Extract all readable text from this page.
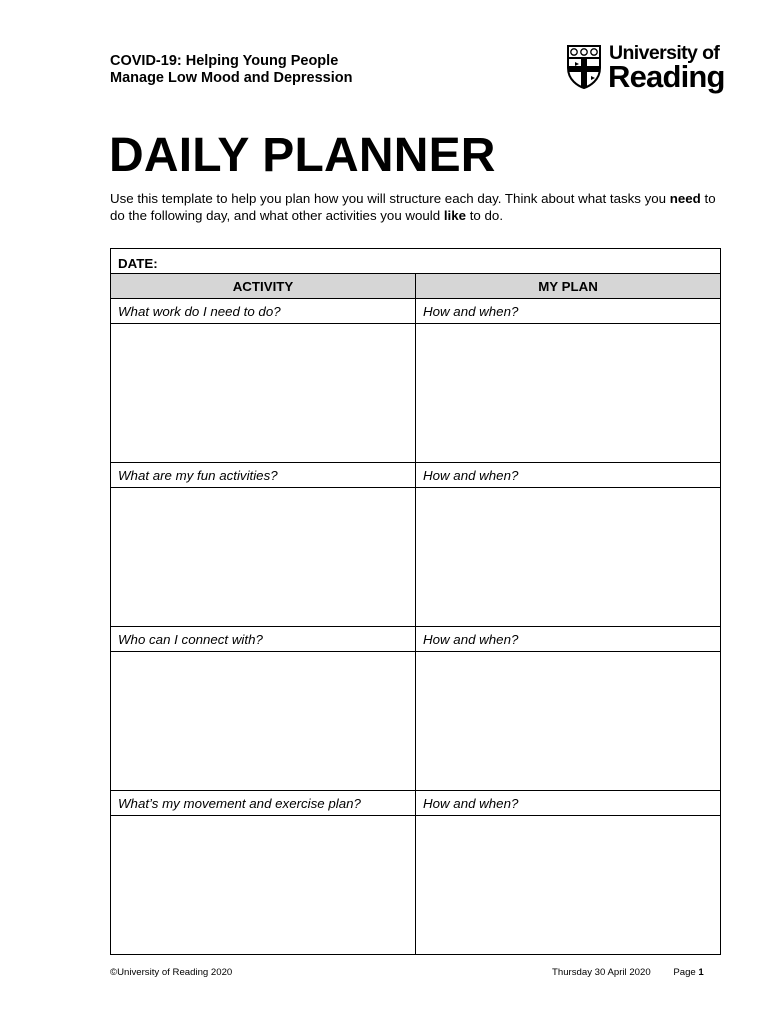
COVID-19: Helping Young People
Manage Low Mood and Depression
University of
Reading
DAILY PLANNER
Use this template to help you plan how you will structure each day. Think about what tasks you need to do the following day, and what other activities you would like to do.
DATE:	

ACTIVITY	MY PLAN
What work do I need to do?	How and when?

What are my fun activities?	How and when?

Who can I connect with?	How and when?

What’s my movement and exercise plan?	How and when?

©University of Reading 2020	Thursday 30 April 2020 Page 1
